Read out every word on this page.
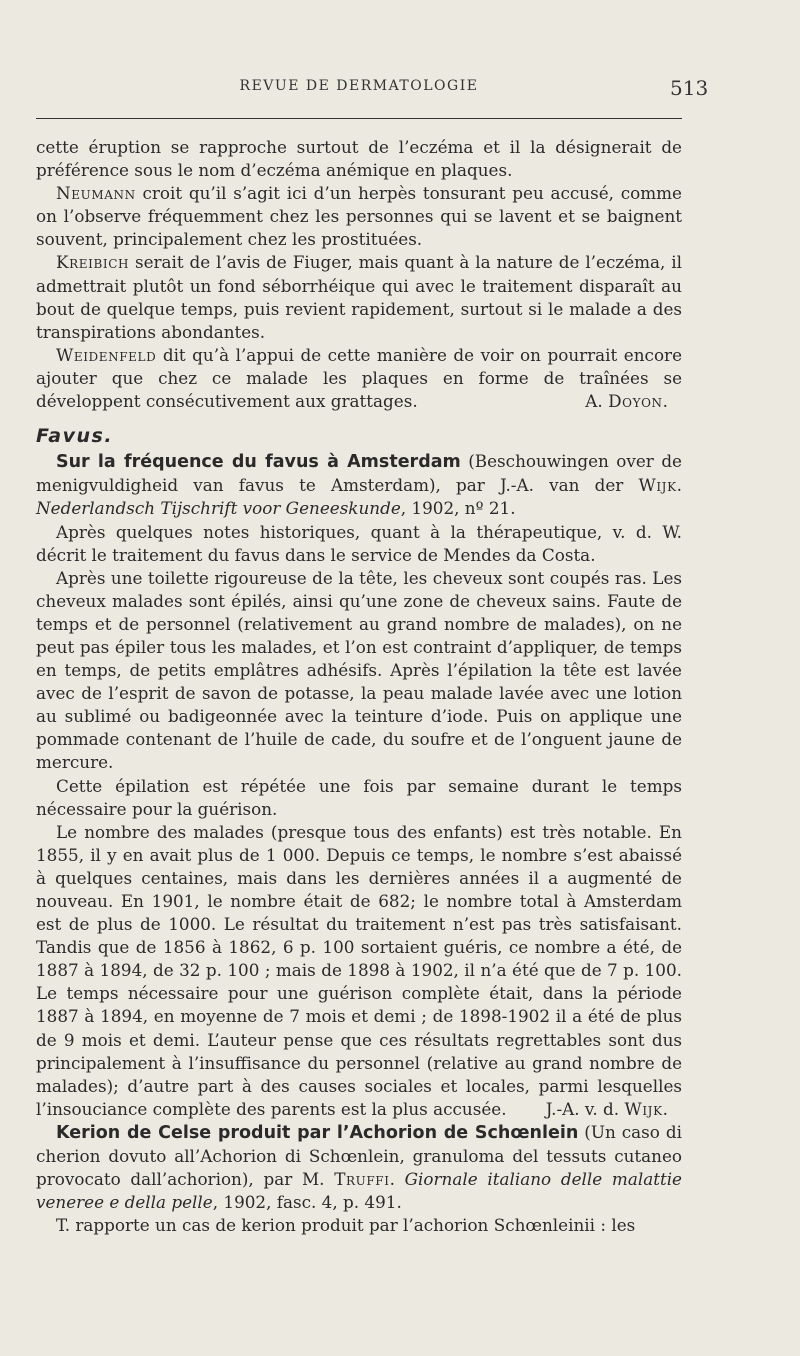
REVUE DE DERMATOLOGIE	513

cette éruption se rapproche surtout de l’eczéma et il la désignerait de préférence sous le nom d’eczéma anémique en plaques.

Neumann croit qu’il s’agit ici d’un herpès tonsurant peu accusé, comme on l’observe fréquemment chez les personnes qui se lavent et se baignent souvent, principalement chez les prostituées.

Kreibich serait de l’avis de Fiuger, mais quant à la nature de l’eczéma, il admettrait plutôt un fond séborrhéique qui avec le traitement disparaît au bout de quelque temps, puis revient rapidement, surtout si le malade a des transpirations abondantes.

Weidenfeld dit qu’à l’appui de cette manière de voir on pourrait encore ajouter que chez ce malade les plaques en forme de traînées se développent consécutivement aux grattages.	A. Doyon.

Favus.

Sur la fréquence du favus à Amsterdam (Beschouwingen over de menigvuldigheid van favus te Amsterdam), par J.-A. van der Wijk. Nederlandsch Tijschrift voor Geneeskunde, 1902, nº 21.

Après quelques notes historiques, quant à la thérapeutique, v. d. W. décrit le traitement du favus dans le service de Mendes da Costa.

Après une toilette rigoureuse de la tête, les cheveux sont coupés ras. Les cheveux malades sont épilés, ainsi qu’une zone de cheveux sains. Faute de temps et de personnel (relativement au grand nombre de malades), on ne peut pas épiler tous les malades, et l’on est contraint d’appliquer, de temps en temps, de petits emplâtres adhésifs. Après l’épilation la tête est lavée avec de l’esprit de savon de potasse, la peau malade lavée avec une lotion au sublimé ou badigeonnée avec la teinture d’iode. Puis on applique une pommade contenant de l’huile de cade, du soufre et de l’onguent jaune de mercure.

Cette épilation est répétée une fois par semaine durant le temps nécessaire pour la guérison.

Le nombre des malades (presque tous des enfants) est très notable. En 1855, il y en avait plus de 1 000. Depuis ce temps, le nombre s’est abaissé à quelques centaines, mais dans les dernières années il a augmenté de nouveau. En 1901, le nombre était de 682; le nombre total à Amsterdam est de plus de 1000. Le résultat du traitement n’est pas très satisfaisant. Tandis que de 1856 à 1862, 6 p. 100 sortaient guéris, ce nombre a été, de 1887 à 1894, de 32 p. 100 ; mais de 1898 à 1902, il n’a été que de 7 p. 100. Le temps nécessaire pour une guérison complète était, dans la période 1887 à 1894, en moyenne de 7 mois et demi ; de 1898-1902 il a été de plus de 9 mois et demi. L’auteur pense que ces résultats regrettables sont dus principalement à l’insuffisance du personnel (relative au grand nombre de malades); d’autre part à des causes sociales et locales, parmi lesquelles l’insouciance complète des parents est la plus accusée.	J.-A. v. d. Wijk.

Kerion de Celse produit par l’Achorion de Schœnlein (Un caso di cherion dovuto all’Achorion di Schœnlein, granuloma del tessuts cutaneo provocato dall’achorion), par M. Truffi. Giornale italiano delle malattie veneree e della pelle, 1902, fasc. 4, p. 491.

T. rapporte un cas de kerion produit par l’achorion Schœnleinii : les
